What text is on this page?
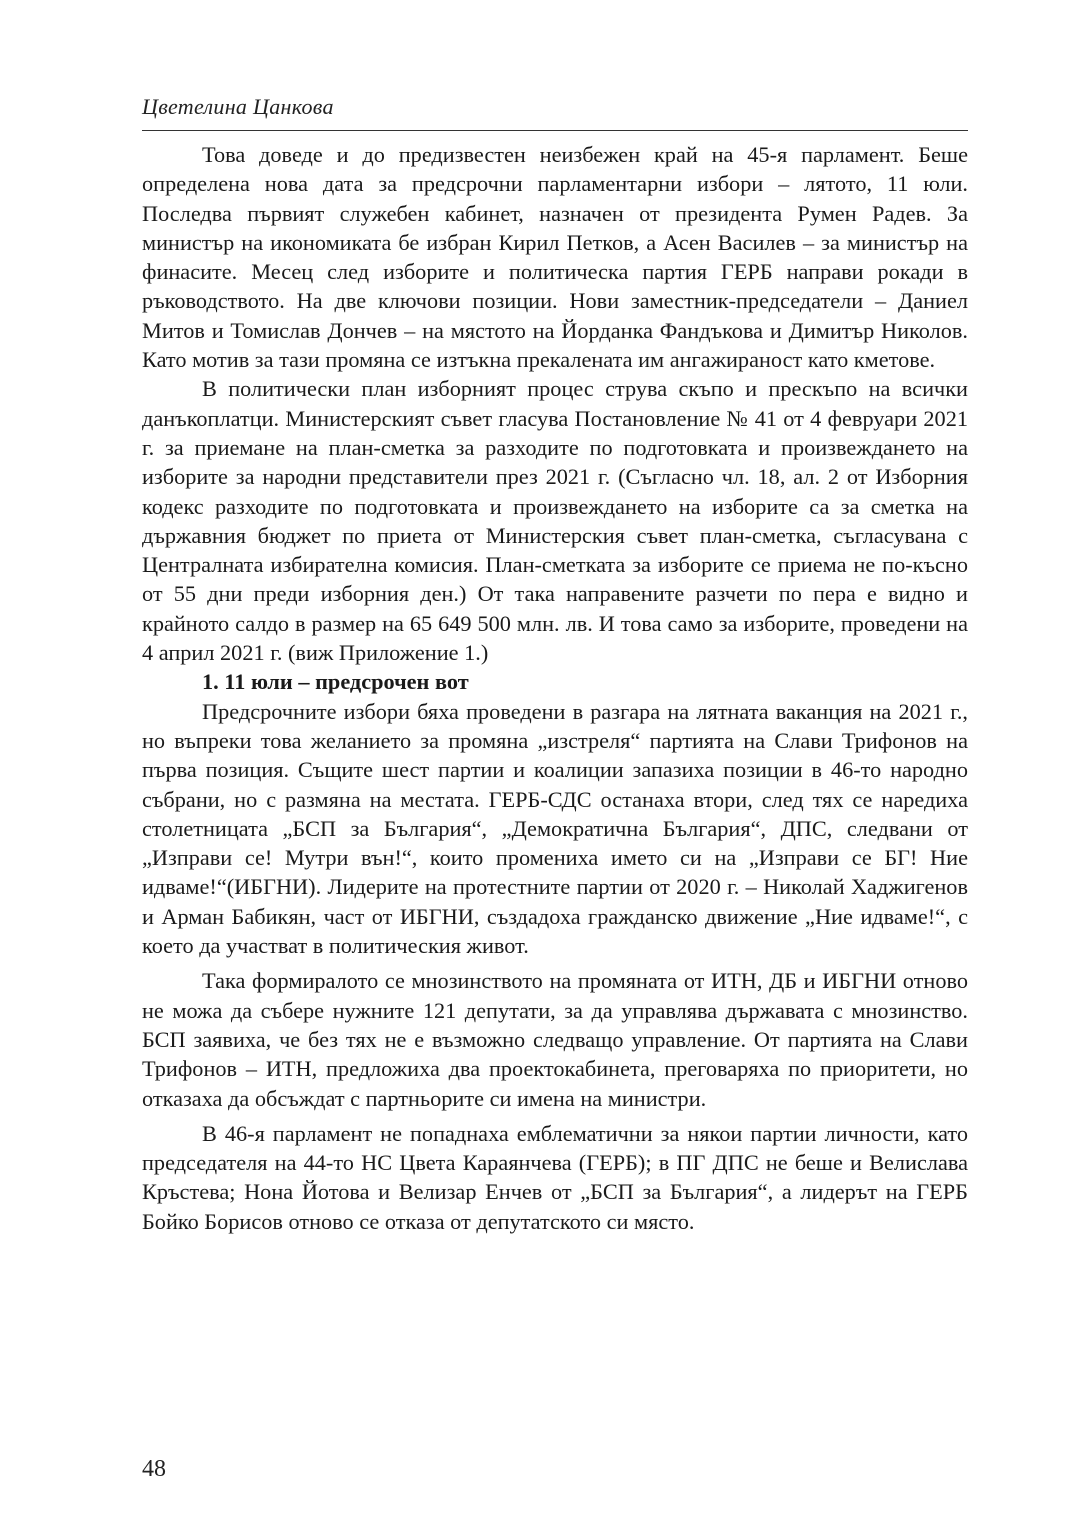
Цветелина Цанкова

Това доведе и до предизвестен неизбежен край на 45-я парламент. Беше определена нова дата за предсрочни парламентарни избори – лятото, 11 юли. Последва първият служебен кабинет, назначен от президента Румен Радев. За министър на икономиката бе избран Кирил Петков, а Асен Василев – за министър на финасите. Месец след изборите и политическа партия ГЕРБ направи рокади в ръководството. На две ключови позиции. Нови заместник-председатели – Даниел Митов и Томислав Дончев – на мястото на Йорданка Фандъкова и Димитър Николов. Като мотив за тази промяна се изтъкна прекалената им ангажираност като кметове.

В политически план изборният процес струва скъпо и прескъпо на всички данъкоплатци. Министерският съвет гласува Постановление № 41 от 4 февруари 2021 г. за приемане на план-сметка за разходите по подготовката и произвеждането на изборите за народни представители през 2021 г. (Съгласно чл. 18, ал. 2 от Изборния кодекс разходите по подготовката и произвеждането на изборите са за сметка на държавния бюджет по приета от Министерския съвет план-сметка, съгласувана с Централната избирателна комисия. План-сметката за изборите се приема не по-късно от 55 дни преди изборния ден.) От така направените разчети по пера е видно и крайното салдо в размер на 65 649 500 млн. лв. И това само за изборите, проведени на 4 април 2021 г. (виж Приложение 1.)

1. 11 юли – предсрочен вот

Предсрочните избори бяха проведени в разгара на лятната ваканция на 2021 г., но въпреки това желанието за промяна „изстреля“ партията на Слави Трифонов на първа позиция. Същите шест партии и коалиции запазиха позиции в 46-то народно събрани, но с размяна на местата. ГЕРБ-СДС останаха втори, след тях се наредиха столетницата „БСП за България“, „Демократична България“, ДПС, следвани от „Изправи се! Мутри вън!“, които промениха името си на „Изправи се БГ! Ние идваме!“(ИБГНИ). Лидерите на протестните партии от 2020 г. – Николай Хаджигенов и Арман Бабикян, част от ИБГНИ, създадоха гражданско движение „Ние идваме!“, с което да участват в политическия живот.

Така формиралото се мнозинството на промяната от ИТН, ДБ и ИБГНИ отново не можа да събере нужните 121 депутати, за да управлява държавата с мнозинство. БСП заявиха, че без тях не е възможно следващо управление. От партията на Слави Трифонов – ИТН, предложиха два проектокабинета, преговаряха по приоритети, но отказаха да обсъждат с партньорите си имена на министри.

В 46-я парламент не попаднаха емблематични за някои партии личности, като председателя на 44-то НС Цвета Караянчева (ГЕРБ); в ПГ ДПС не беше и Велислава Кръстева; Нона Йотова и Велизар Енчев от „БСП за България“, а лидерът на ГЕРБ Бойко Борисов отново се отказа от депутатското си място.

48
